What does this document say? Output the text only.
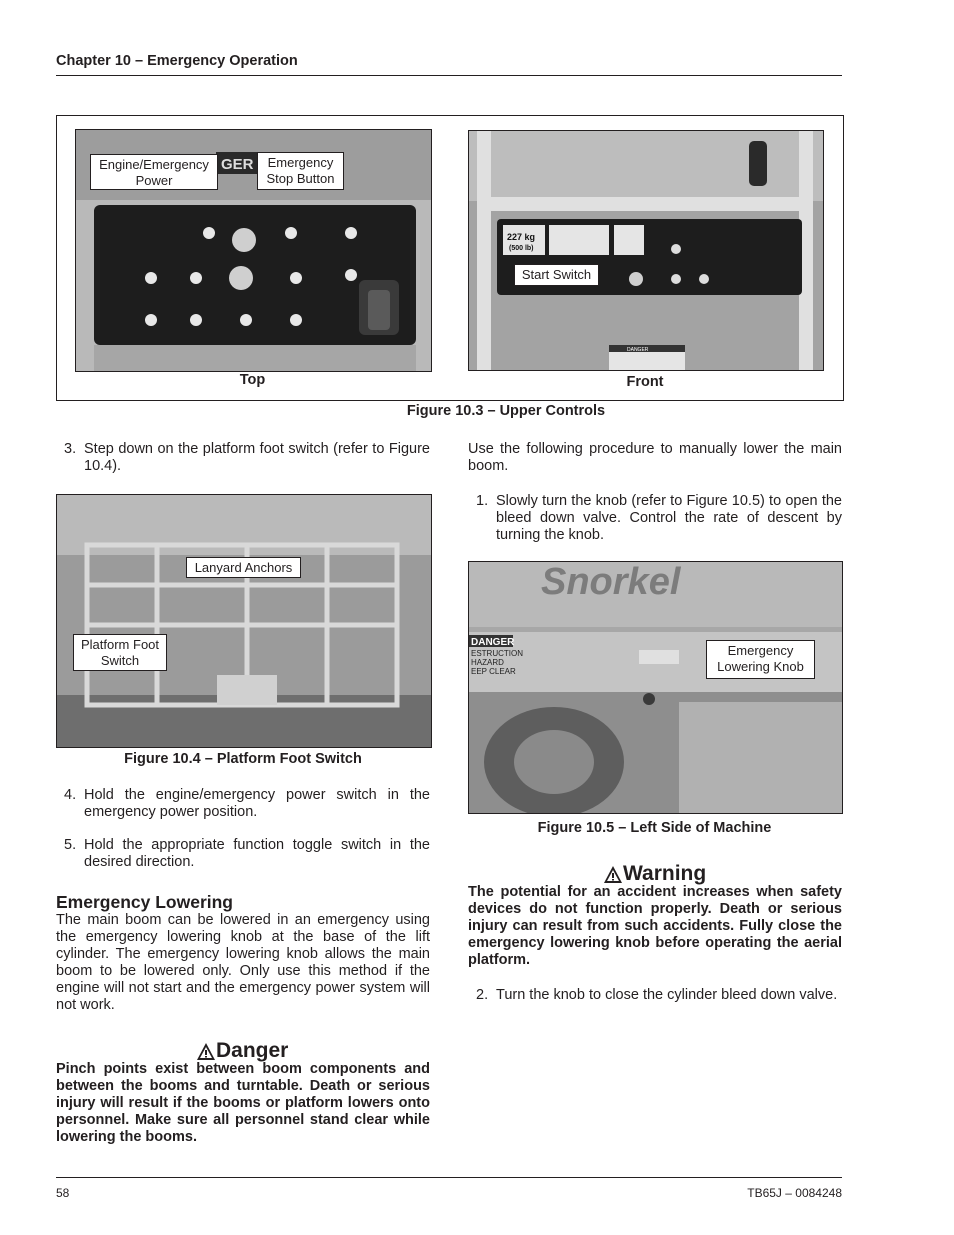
Chapter 10 – Emergency Operation
GER
Engine/Emergency Power
Emergency Stop Button
Top
227 kg
(500 lb)
DANGER
Start Switch
Front
Figure 10.3 – Upper Controls
3. Step down on the platform foot switch (refer to Figure 10.4).
Lanyard Anchors
Platform Foot Switch
Figure 10.4 – Platform Foot Switch
4. Hold the engine/emergency power switch in the emergency power position.
5. Hold the appropriate function toggle switch in the desired direction.
Emergency Lowering
The main boom can be lowered in an emergency using the emergency lowering knob at the base of the lift cylinder. The emergency lowering knob allows the main boom to be lowered only. Only use this method if the engine will not start and the emergency power system will not work.
Danger
Pinch points exist between boom components and between the booms and turntable. Death or serious injury will result if the booms or platform lowers onto personnel. Make sure all personnel stand clear while lowering the booms.
Use the following procedure to manually lower the main boom.
1. Slowly turn the knob (refer to Figure 10.5) to open the bleed down valve. Control the rate of descent by turning the knob.
Snorkel
DANGER
ESTRUCTION
HAZARD
EEP CLEAR
Emergency Lowering Knob
Figure 10.5 – Left Side of Machine
Warning
The potential for an accident increases when safety devices do not function properly. Death or serious injury can result from such accidents. Fully close the emergency lowering knob before operating the aerial platform.
2. Turn the knob to close the cylinder bleed down valve.
58	TB65J – 0084248
